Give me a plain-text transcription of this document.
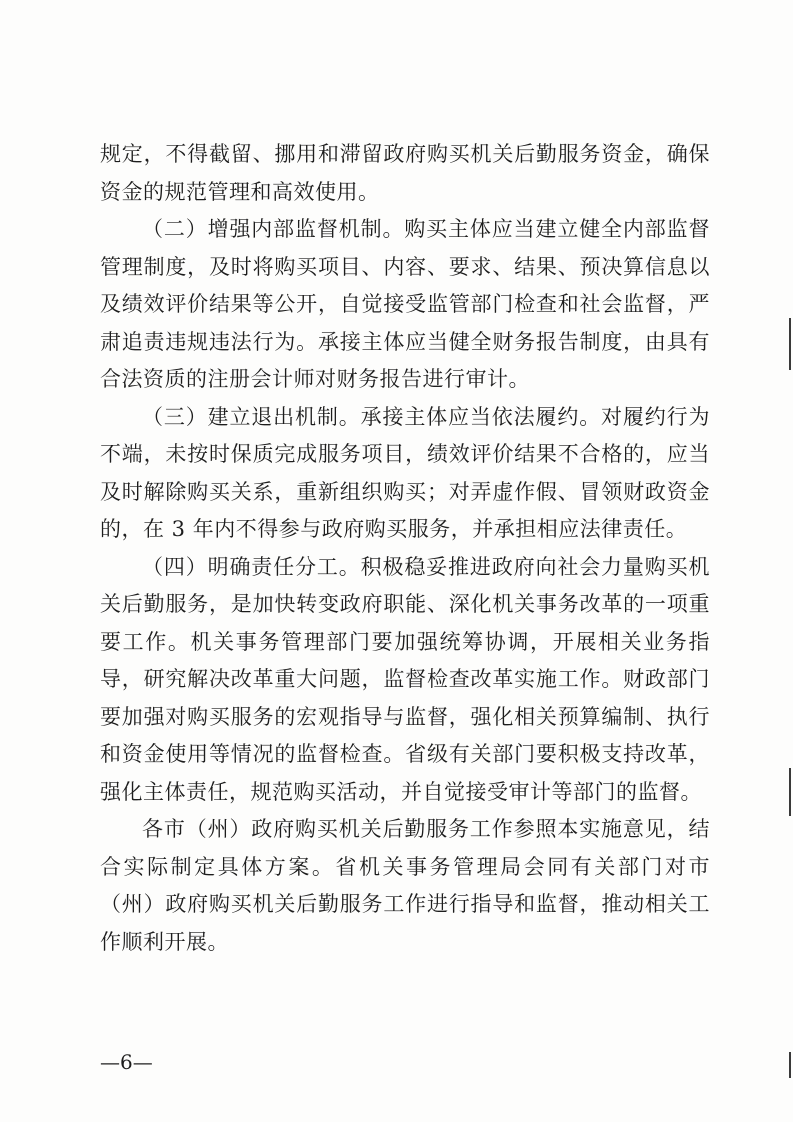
规定，不得截留、挪用和滞留政府购买机关后勤服务资金，确保资金的规范管理和高效使用。

（二）增强内部监督机制。购买主体应当建立健全内部监督管理制度，及时将购买项目、内容、要求、结果、预决算信息以及绩效评价结果等公开，自觉接受监管部门检查和社会监督，严肃追责违规违法行为。承接主体应当健全财务报告制度，由具有合法资质的注册会计师对财务报告进行审计。

（三）建立退出机制。承接主体应当依法履约。对履约行为不端，未按时保质完成服务项目，绩效评价结果不合格的，应当及时解除购买关系，重新组织购买；对弄虚作假、冒领财政资金的，在 3 年内不得参与政府购买服务，并承担相应法律责任。

（四）明确责任分工。积极稳妥推进政府向社会力量购买机关后勤服务，是加快转变政府职能、深化机关事务改革的一项重要工作。机关事务管理部门要加强统筹协调，开展相关业务指导，研究解决改革重大问题，监督检查改革实施工作。财政部门要加强对购买服务的宏观指导与监督，强化相关预算编制、执行和资金使用等情况的监督检查。省级有关部门要积极支持改革，强化主体责任，规范购买活动，并自觉接受审计等部门的监督。

各市（州）政府购买机关后勤服务工作参照本实施意见，结合实际制定具体方案。省机关事务管理局会同有关部门对市（州）政府购买机关后勤服务工作进行指导和监督，推动相关工作顺利开展。

—6—
